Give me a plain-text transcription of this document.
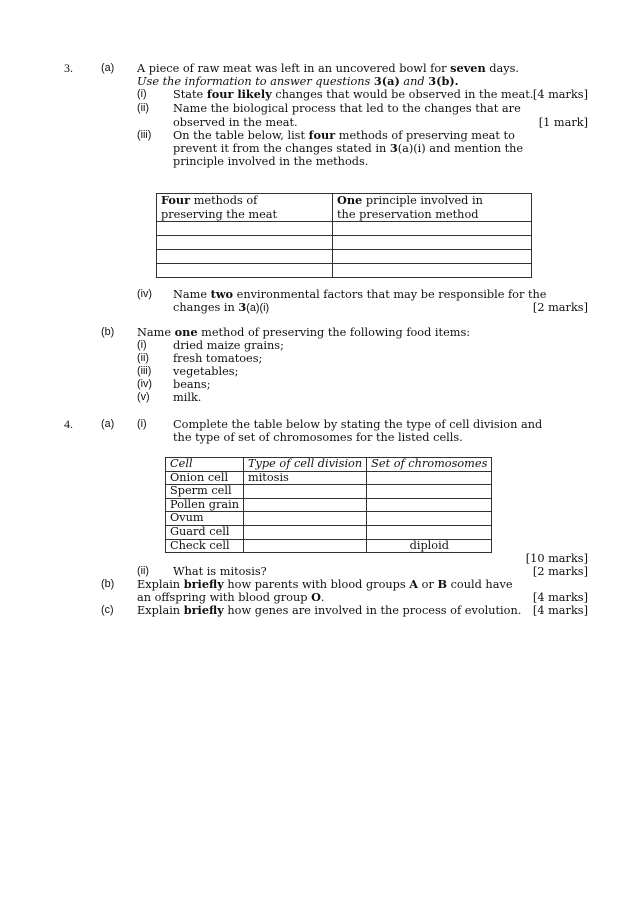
3.	(a) A piece of raw meat was left in an uncovered bowl for seven days.
Use the information to answer questions 3(a) and 3(b).
(i) State four likely changes that would be observed in the meat. [4 marks]
(ii) Name the biological process that led to the changes that are
observed in the meat.	[1 mark]
(iii) On the table below, list four methods of preserving meat to
prevent it from the changes stated in 3(a)(i) and mention the
principle involved in the methods.
Four methods of
preserving the meat	One principle involved in
the preservation method

(iv) Name two environmental factors that may be responsible for the
changes in 3(a)(i)	[2 marks]
(b) Name one method of preserving the following food items:
(i) dried maize grains;
(ii) fresh tomatoes;
(iii) vegetables;
(iv) beans;
(v) milk.
4.	(a) (i) Complete the table below by stating the type of cell division and
the type of set of chromosomes for the listed cells.
Cell	Type of cell division	Set of chromosomes
Onion cell	mitosis	
Sperm cell		
Pollen grain		
Ovum		
Guard cell		
Check cell		diploid
[10 marks]
(ii) What is mitosis?	[2 marks]
(b) Explain briefly how parents with blood groups A or B could have
an offspring with blood group O.	[4 marks]
(c) Explain briefly how genes are involved in the process of evolution. [4 marks]
